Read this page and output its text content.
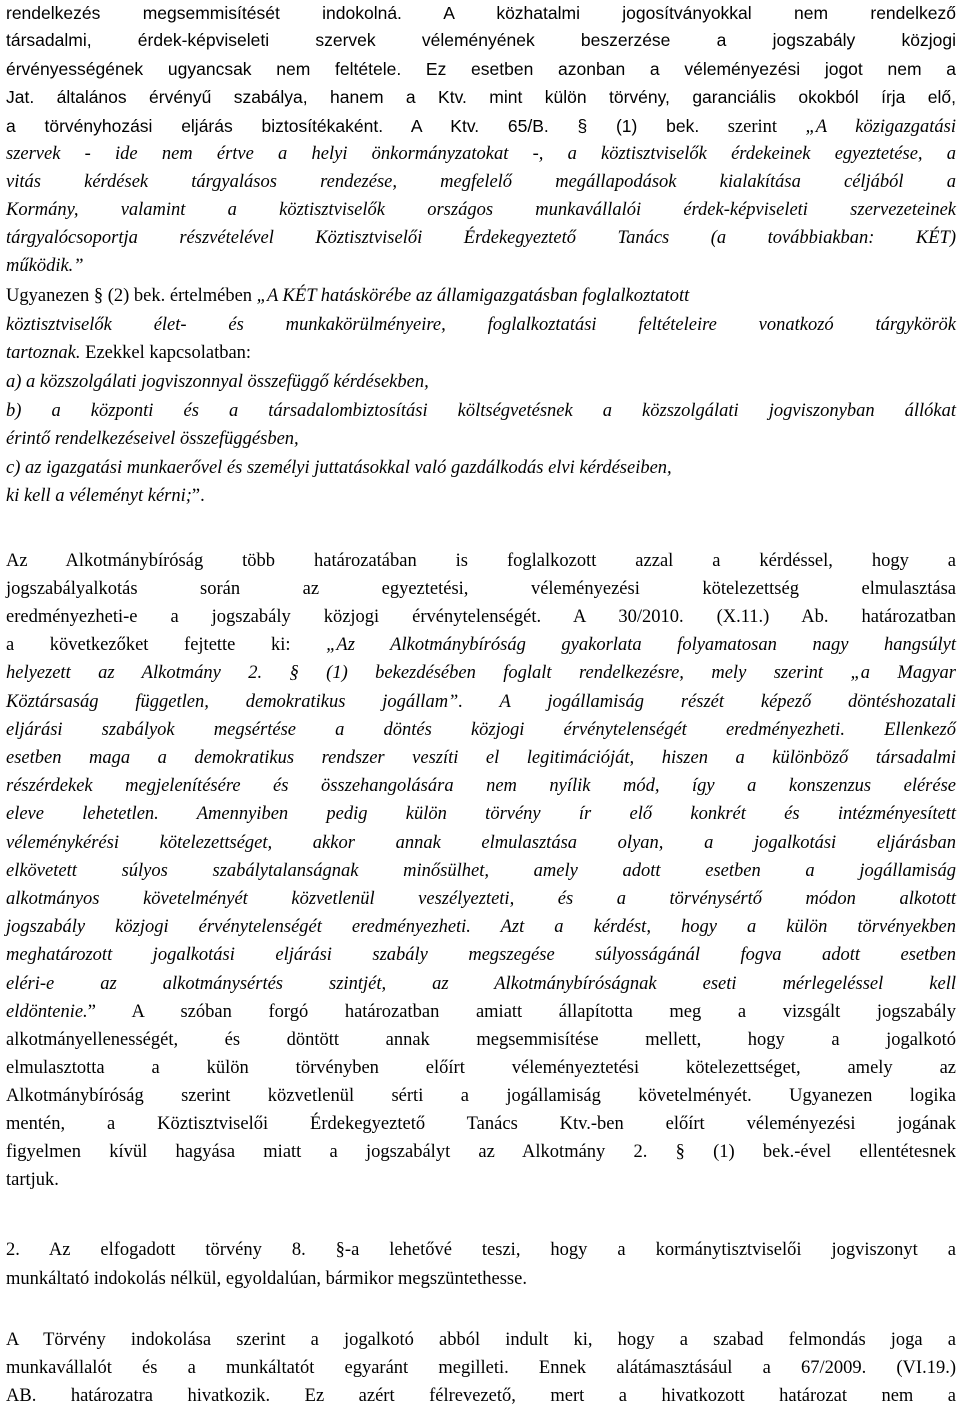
rendelkezés megsemmisítését indokolná. A közhatalmi jogosítványokkal nem rendelkező
társadalmi, érdek-képviseleti szervek véleményének beszerzése a jogszabály közjogi
érvényességének ugyancsak nem feltétele. Ez esetben azonban a véleményezési jogot nem a
Jat. általános érvényű szabálya, hanem a Ktv. mint külön törvény, garanciális okokból írja elő,
a törvényhozási eljárás biztosítékaként. A Ktv. 65/B. § (1) bek. szerint „A közigazgatási
szervek - ide nem értve a helyi önkormányzatokat -, a köztisztviselők érdekeinek egyeztetése, a
vitás kérdések tárgyalásos rendezése, megfelelő megállapodások kialakítása céljából a
Kormány, valamint a köztisztviselők országos munkavállalói érdek-képviseleti szervezeteinek
tárgyalócsoportja részvételével Köztisztviselői Érdekegyeztető Tanács (a továbbiakban: KÉT)
működik.”
Ugyanezen § (2) bek. értelmében „A KÉT hatáskörébe az államigazgatásban foglalkoztatott
köztisztviselők élet- és munkakörülményeire, foglalkoztatási feltételeire vonatkozó tárgykörök
tartoznak. Ezekkel kapcsolatban:
a) a közszolgálati jogviszonnyal összefüggő kérdésekben,
b) a központi és a társadalombiztosítási költségvetésnek a közszolgálati jogviszonyban állókat
érintő rendelkezéseivel összefüggésben,
c) az igazgatási munkaerővel és személyi juttatásokkal való gazdálkodás elvi kérdéseiben,
ki kell a véleményt kérni;”.
Az Alkotmánybíróság több határozatában is foglalkozott azzal a kérdéssel, hogy a
jogszabályalkotás során az egyeztetési, véleményezési kötelezettség elmulasztása
eredményezheti-e a jogszabály közjogi érvénytelenségét. A 30/2010. (X.11.) Ab. határozatban
a következőket fejtette ki: „Az Alkotmánybíróság gyakorlata folyamatosan nagy hangsúlyt
helyezett az Alkotmány 2. § (1) bekezdésében foglalt rendelkezésre, mely szerint „a Magyar
Köztársaság független, demokratikus jogállam”. A jogállamiság részét képező döntéshozatali
eljárási szabályok megsértése a döntés közjogi érvénytelenségét eredményezheti. Ellenkező
esetben maga a demokratikus rendszer veszíti el legitimációját, hiszen a különböző társadalmi
részérdekek megjelenítésére és összehangolására nem nyílik mód, így a konszenzus elérése
eleve lehetetlen. Amennyiben pedig külön törvény ír elő konkrét és intézményesített
véleménykérési kötelezettséget, akkor annak elmulasztása olyan, a jogalkotási eljárásban
elkövetett súlyos szabálytalanságnak minősülhet, amely adott esetben a jogállamiság
alkotmányos követelményét közvetlenül veszélyezteti, és a törvénysértő módon alkotott
jogszabály közjogi érvénytelenségét eredményezheti. Azt a kérdést, hogy a külön törvényekben
meghatározott jogalkotási eljárási szabály megszegése súlyosságánál fogva adott esetben
eléri-e az alkotmánysértés szintjét, az Alkotmánybíróságnak eseti mérlegeléssel kell
eldöntenie.” A szóban forgó határozatban amiatt állapította meg a vizsgált jogszabály
alkotmányellenességét, és döntött annak megsemmisítése mellett, hogy a jogalkotó
elmulasztotta a külön törvényben előírt véleményeztetési kötelezettséget, amely az
Alkotmánybíróság szerint közvetlenül sérti a jogállamiság követelményét. Ugyanezen logika
mentén, a Köztisztviselői Érdekegyeztető Tanács Ktv.-ben előírt véleményezési jogának
figyelmen kívül hagyása miatt a jogszabályt az Alkotmány 2. § (1) bek.-ével ellentétesnek
tartjuk.
2. Az elfogadott törvény 8. §-a lehetővé teszi, hogy a kormánytisztviselői jogviszonyt a
munkáltató indokolás nélkül, egyoldalúan, bármikor megszüntethesse.
A Törvény indokolása szerint a jogalkotó abból indult ki, hogy a szabad felmondás joga a
munkavállalót és a munkáltatót egyaránt megilleti. Ennek alátámasztásául a 67/2009. (VI.19.)
AB. határozatra hivatkozik. Ez azért félrevezető, mert a hivatkozott határozat nem a
